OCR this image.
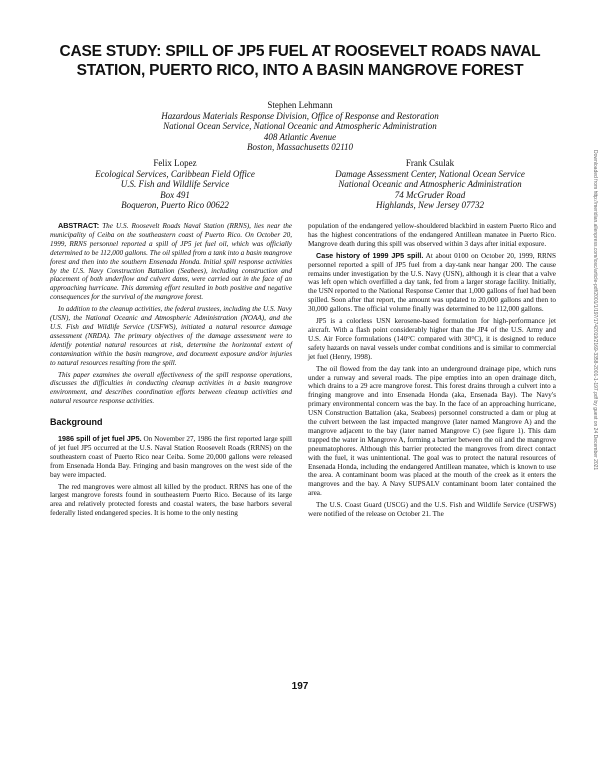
CASE STUDY: SPILL OF JP5 FUEL AT ROOSEVELT ROADS NAVAL STATION, PUERTO RICO, INTO A BASIN MANGROVE FOREST
Stephen Lehmann
Hazardous Materials Response Division, Office of Response and Restoration
National Ocean Service, National Oceanic and Atmospheric Administration
408 Atlantic Avenue
Boston, Massachusetts 02110
Felix Lopez
Ecological Services, Caribbean Field Office
U.S. Fish and Wildlife Service
Box 491
Boqueron, Puerto Rico 00622
Frank Csulak
Damage Assessment Center, National Ocean Service
National Oceanic and Atmospheric Administration
74 McGruder Road
Highlands, New Jersey 07732

ABSTRACT: The U.S. Roosevelt Roads Naval Station (RRNS), lies near the municipality of Ceiba on the southeastern coast of Puerto Rico. On October 20, 1999, RRNS personnel reported a spill of JP5 jet fuel oil, which was officially determined to be 112,000 gallons. The oil spilled from a tank into a basin mangrove forest and then into the southern Ensenada Honda. Initial spill response activities by the U.S. Navy Construction Battalion (Seabees), including construction and placement of both underflow and culvert dams, were carried out in the face of an approaching hurricane. This damming effort resulted in both positive and negative consequences for the survival of the mangrove forest.

In addition to the cleanup activities, the federal trustees, including the U.S. Navy (USN), the National Oceanic and Atmospheric Administration (NOAA), and the U.S. Fish and Wildlife Service (USFWS), initiated a natural resource damage assessment (NRDA). The primary objectives of the damage assessment were to identify potential natural resources at risk, determine the horizontal extent of contamination within the basin mangrove, and document exposure and/or injuries to natural resources resulting from the spill.

This paper examines the overall effectiveness of the spill response operations, discusses the difficulties in conducting cleanup activities in a basin mangrove environment, and describes coordination efforts between cleanup activities and natural resource response activities.

Background

1986 spill of jet fuel JP5. On November 27, 1986 the first reported large spill of jet fuel JP5 occurred at the U.S. Naval Station Roosevelt Roads (RRNS) on the southeastern coast of Puerto Rico near Ceiba. Some 20,000 gallons were released from Ensenada Honda Bay. Fringing and basin mangroves on the west side of the bay were impacted.

The red mangroves were almost all killed by the product. RRNS has one of the largest mangrove forests found in southeastern Puerto Rico. Because of its large area and relatively protected forests and coastal waters, the base harbors several federally listed endangered species. It is home to the only nesting

population of the endangered yellow-shouldered blackbird in eastern Puerto Rico and has the highest concentrations of the endangered Antillean manatee in Puerto Rico. Mangrove death during this spill was observed within 3 days after initial exposure.

Case history of 1999 JP5 spill. At about 0100 on October 20, 1999, RRNS personnel reported a spill of JP5 fuel from a day-tank near hangar 200. The cause remains under investigation by the U.S. Navy (USN), although it is clear that a valve was left open which overfilled a day tank, fed from a larger storage facility. Initially, the USN reported to the National Response Center that 1,000 gallons of fuel had been spilled. Soon after that report, the amount was updated to 20,000 gallons and then to 30,000 gallons. The official volume finally was determined to be 112,000 gallons.

JP5 is a colorless USN kerosene-based formulation for high-performance jet aircraft. With a flash point considerably higher than the JP4 of the U.S. Army and U.S. Air Force formulations (140°C compared with 30°C), it is designed to reduce safety hazards on naval vessels under combat conditions and is similar to commercial jet fuel (Henry, 1998).

The oil flowed from the day tank into an underground drainage pipe, which runs under a runway and several roads. The pipe empties into an open drainage ditch, which drains to a 29 acre mangrove forest. This forest drains through a culvert into a fringing mangrove and into Ensenada Honda (aka, Ensenada Bay). The Navy's primary environmental concern was the bay. In the face of an approaching hurricane, USN Construction Battalion (aka, Seabees) personnel constructed a dam or plug at the culvert between the last impacted mangrove (later named Mangrove A) and the mangrove adjacent to the bay (later named Mangrove C) (see figure 1). This dam trapped the water in Mangrove A, forming a barrier between the oil and the mangrove pneumatophores. Although this barrier protected the mangroves from direct contact with the fuel, it was unintentional. The goal was to protect the natural resources of Ensenada Honda, including the endangered Antillean manatee, which is known to use the area. A contaminant boom was placed at the mouth of the creek as it enters the mangroves and the bay. A Navy SUPSALV contaminant boom later contained the area.

The U.S. Coast Guard (USCG) and the U.S. Fish and Wildlife Service (USFWS) were notified of the release on October 21. The

197
Downloaded from http://meridian.allenpress.com/iosc/article-pdf/2001/1/197/1742019/2169-3358-2001-1-197.pdf by guest on 24 December 2021
